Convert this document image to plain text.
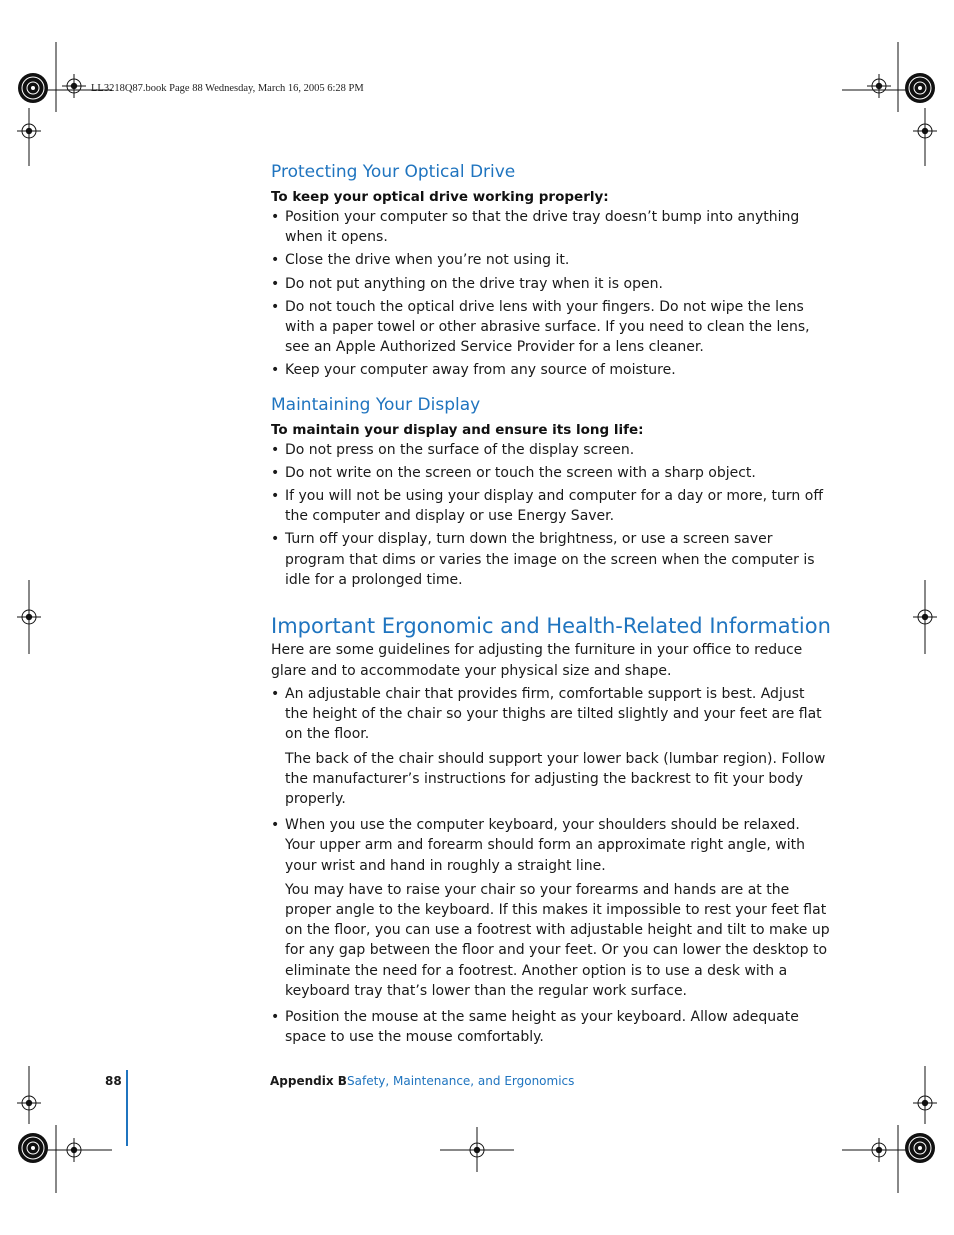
LL3218Q87.book Page 88 Wednesday, March 16, 2005 6:28 PM
Protecting Your Optical Drive

To keep your optical drive working properly:

• Position your computer so that the drive tray doesn’t bump into anything when it opens.
• Close the drive when you’re not using it.
• Do not put anything on the drive tray when it is open.
• Do not touch the optical drive lens with your fingers. Do not wipe the lens with a paper towel or other abrasive surface. If you need to clean the lens, see an Apple Authorized Service Provider for a lens cleaner.
• Keep your computer away from any source of moisture.
Maintaining Your Display

To maintain your display and ensure its long life:

• Do not press on the surface of the display screen.
• Do not write on the screen or touch the screen with a sharp object.
• If you will not be using your display and computer for a day or more, turn off the computer and display or use Energy Saver.
• Turn off your display, turn down the brightness, or use a screen saver program that dims or varies the image on the screen when the computer is idle for a prolonged time.
Important Ergonomic and Health-Related Information

Here are some guidelines for adjusting the furniture in your office to reduce glare and to accommodate your physical size and shape.

• An adjustable chair that provides firm, comfortable support is best. Adjust the height of the chair so your thighs are tilted slightly and your feet are flat on the floor.

The back of the chair should support your lower back (lumbar region). Follow the manufacturer’s instructions for adjusting the backrest to fit your body properly.

• When you use the computer keyboard, your shoulders should be relaxed. Your upper arm and forearm should form an approximate right angle, with your wrist and hand in roughly a straight line.

You may have to raise your chair so your forearms and hands are at the proper angle to the keyboard. If this makes it impossible to rest your feet flat on the floor, you can use a footrest with adjustable height and tilt to make up for any gap between the floor and your feet. Or you can lower the desktop to eliminate the need for a footrest. Another option is to use a desk with a keyboard tray that’s lower than the regular work surface.

• Position the mouse at the same height as your keyboard. Allow adequate space to use the mouse comfortably.
88	Appendix B Safety, Maintenance, and Ergonomics
